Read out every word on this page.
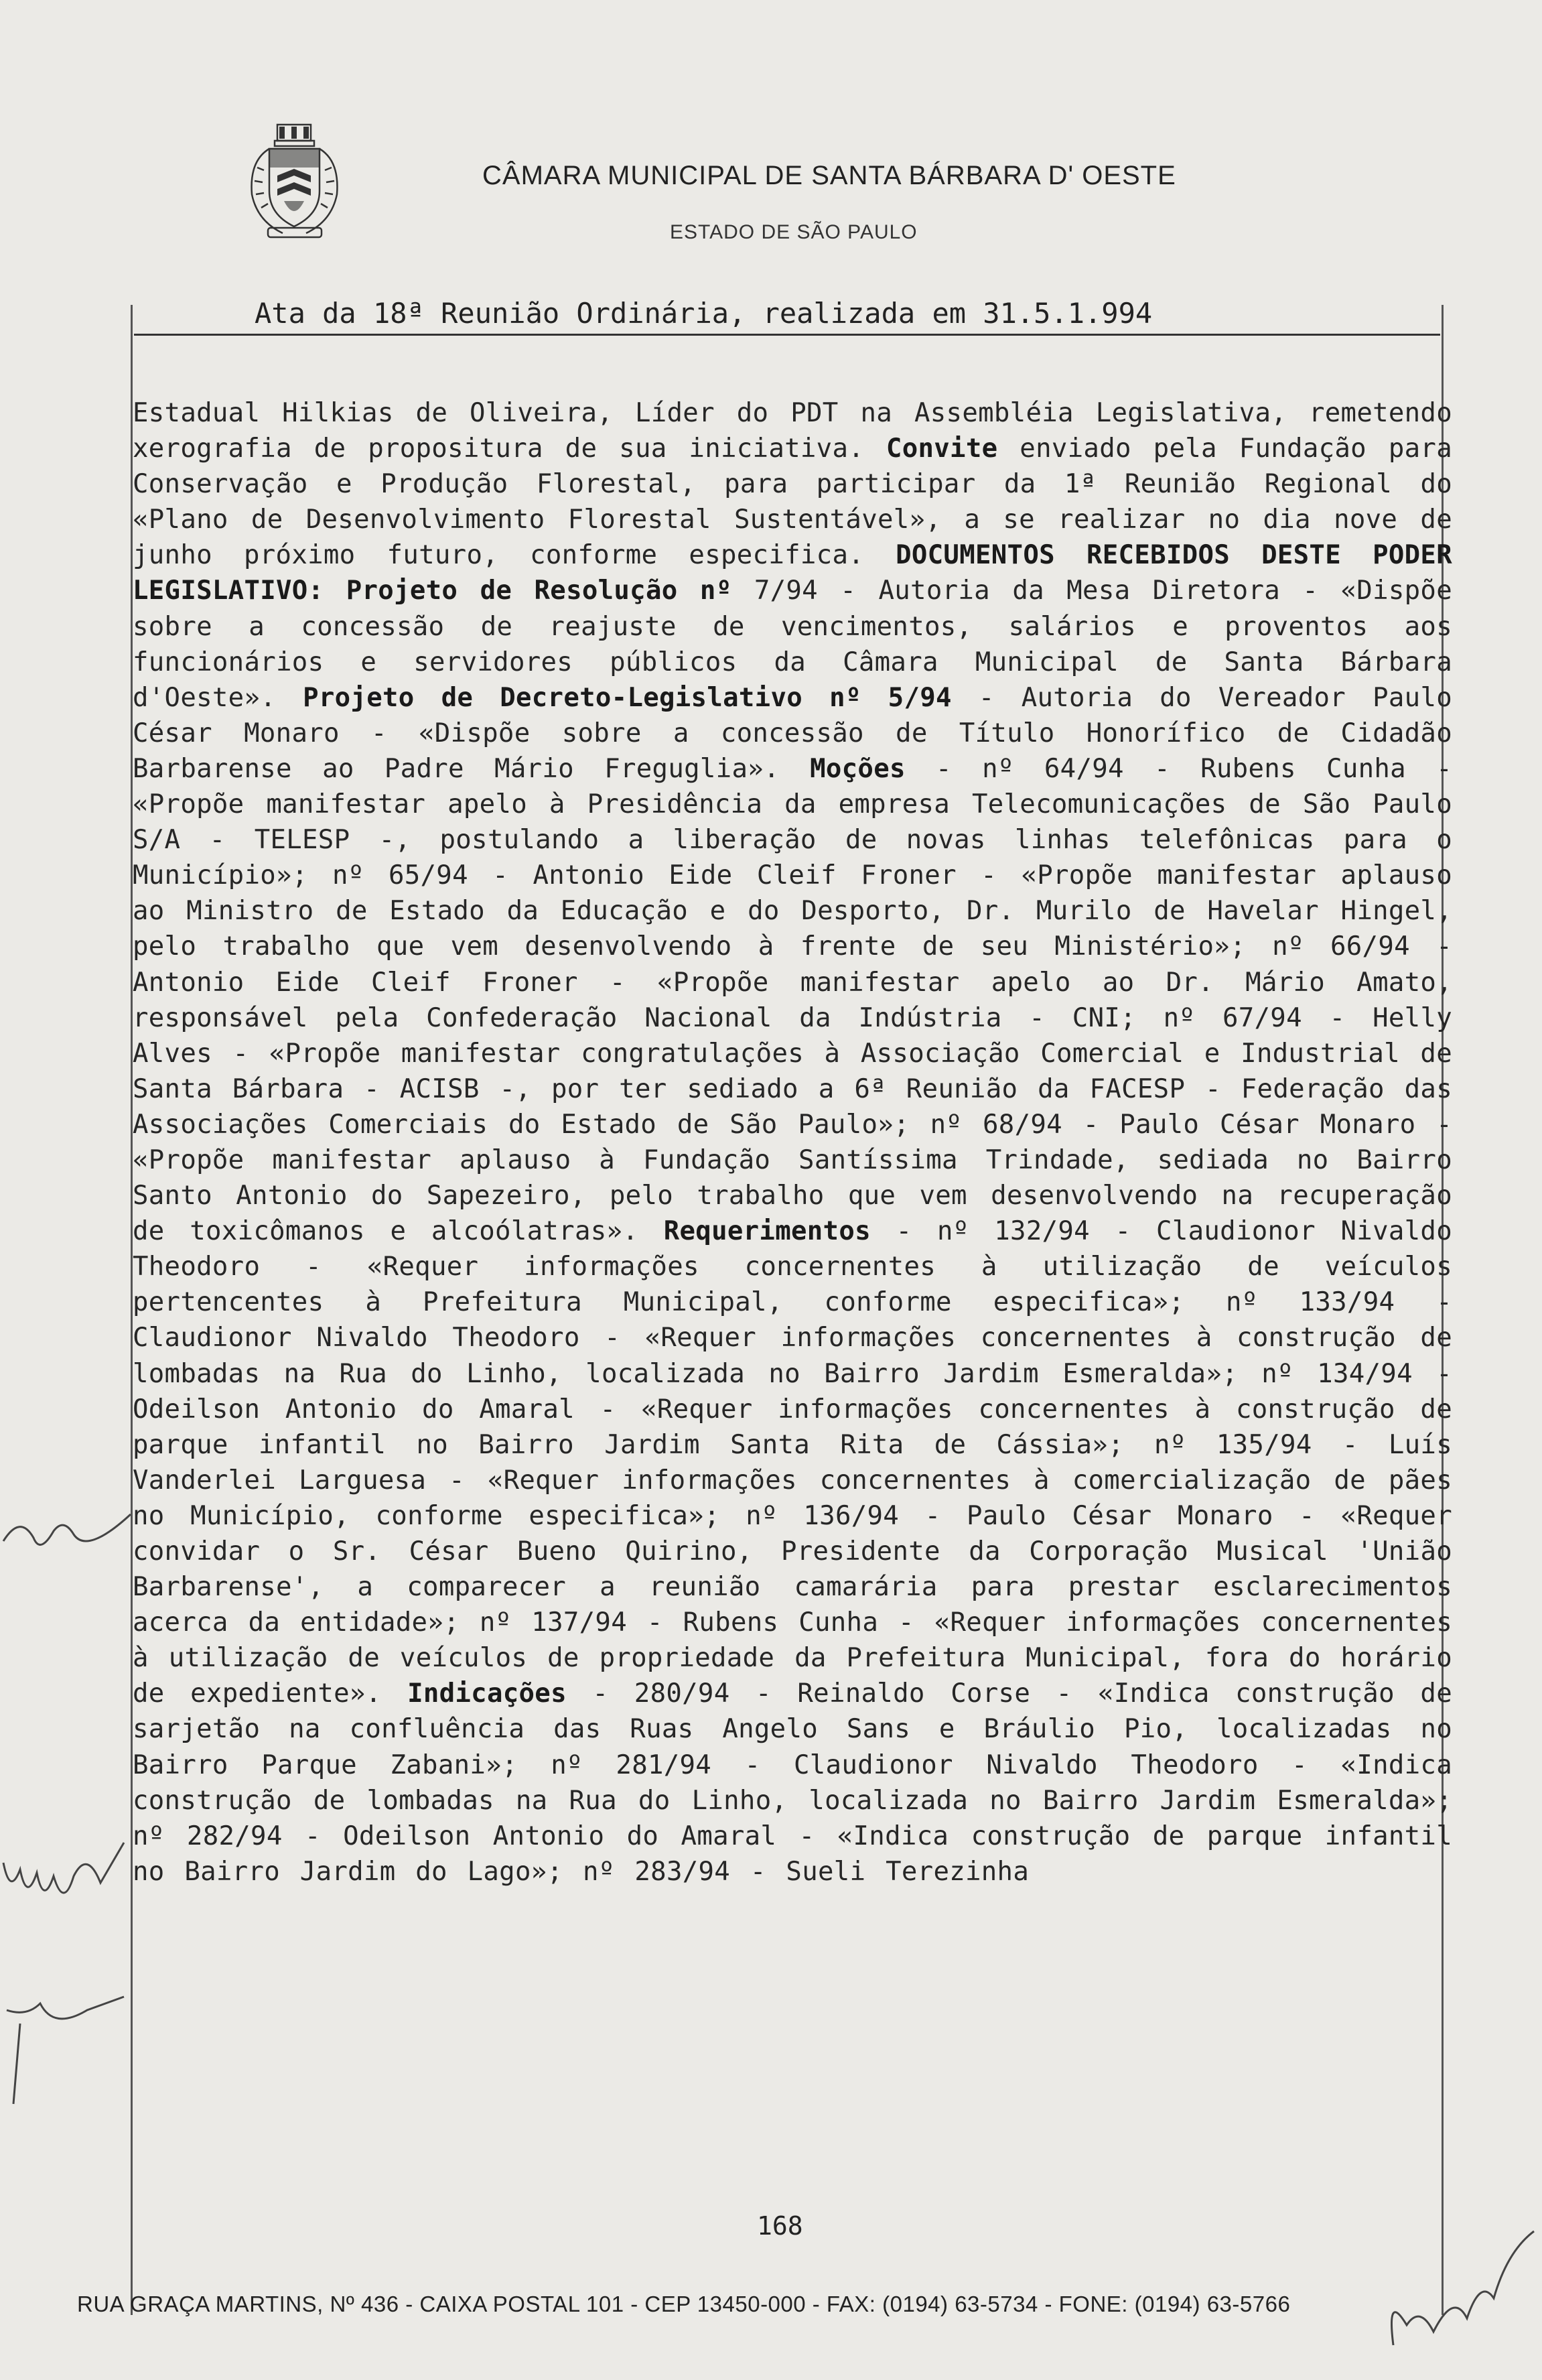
CÂMARA MUNICIPAL DE SANTA BÁRBARA D' OESTE
ESTADO DE SÃO PAULO
Ata da 18ª Reunião Ordinária, realizada em 31.5.1.994
Estadual Hilkias de Oliveira, Líder do PDT na Assembléia Legislativa, remetendo xerografia de propositura de sua iniciativa. Convite enviado pela Fundação para Conservação e Produção Florestal, para participar da 1ª Reunião Regional do «Plano de Desenvolvimento Florestal Sustentável», a se realizar no dia nove de junho próximo futuro, conforme especifica. DOCUMENTOS RECEBIDOS DESTE PODER LEGISLATIVO: Projeto de Resolução nº 7/94 - Autoria da Mesa Diretora - «Dispõe sobre a concessão de reajuste de vencimentos, salários e proventos aos funcionários e servidores públicos da Câmara Municipal de Santa Bárbara d'Oeste». Projeto de Decreto-Legislativo nº 5/94 - Autoria do Vereador Paulo César Monaro - «Dispõe sobre a concessão de Título Honorífico de Cidadão Barbarense ao Padre Mário Freguglia». Moções - nº 64/94 - Rubens Cunha - «Propõe manifestar apelo à Presidência da empresa Telecomunicações de São Paulo S/A - TELESP -, postulando a liberação de novas linhas telefônicas para o Município»; nº 65/94 - Antonio Eide Cleif Froner - «Propõe manifestar aplauso ao Ministro de Estado da Educação e do Desporto, Dr. Murilo de Havelar Hingel, pelo trabalho que vem desenvolvendo à frente de seu Ministério»; nº 66/94 - Antonio Eide Cleif Froner - «Propõe manifestar apelo ao Dr. Mário Amato, responsável pela Confederação Nacional da Indústria - CNI; nº 67/94 - Helly Alves - «Propõe manifestar congratulações à Associação Comercial e Industrial de Santa Bárbara - ACISB -, por ter sediado a 6ª Reunião da FACESP - Federação das Associações Comerciais do Estado de São Paulo»; nº 68/94 - Paulo César Monaro - «Propõe manifestar aplauso à Fundação Santíssima Trindade, sediada no Bairro Santo Antonio do Sapezeiro, pelo trabalho que vem desenvolvendo na recuperação de toxicômanos e alcoólatras». Requerimentos - nº 132/94 - Claudionor Nivaldo Theodoro - «Requer informações concernentes à utilização de veículos pertencentes à Prefeitura Municipal, conforme especifica»; nº 133/94 - Claudionor Nivaldo Theodoro - «Requer informações concernentes à construção de lombadas na Rua do Linho, localizada no Bairro Jardim Esmeralda»; nº 134/94 - Odeilson Antonio do Amaral - «Requer informações concernentes à construção de parque infantil no Bairro Jardim Santa Rita de Cássia»; nº 135/94 - Luís Vanderlei Larguesa - «Requer informações concernentes à comercialização de pães no Município, conforme especifica»; nº 136/94 - Paulo César Monaro - «Requer convidar o Sr. César Bueno Quirino, Presidente da Corporação Musical 'União Barbarense', a comparecer a reunião camarária para prestar esclarecimentos acerca da entidade»; nº 137/94 - Rubens Cunha - «Requer informações concernentes à utilização de veículos de propriedade da Prefeitura Municipal, fora do horário de expediente». Indicações - 280/94 - Reinaldo Corse - «Indica construção de sarjetão na confluência das Ruas Angelo Sans e Bráulio Pio, localizadas no Bairro Parque Zabani»; nº 281/94 - Claudionor Nivaldo Theodoro - «Indica construção de lombadas na Rua do Linho, localizada no Bairro Jardim Esmeralda»; nº 282/94 - Odeilson Antonio do Amaral - «Indica construção de parque infantil no Bairro Jardim do Lago»; nº 283/94 - Sueli Terezinha
168
RUA GRAÇA MARTINS, Nº 436 - CAIXA POSTAL 101 - CEP 13450-000 - FAX: (0194) 63-5734 - FONE: (0194) 63-5766
